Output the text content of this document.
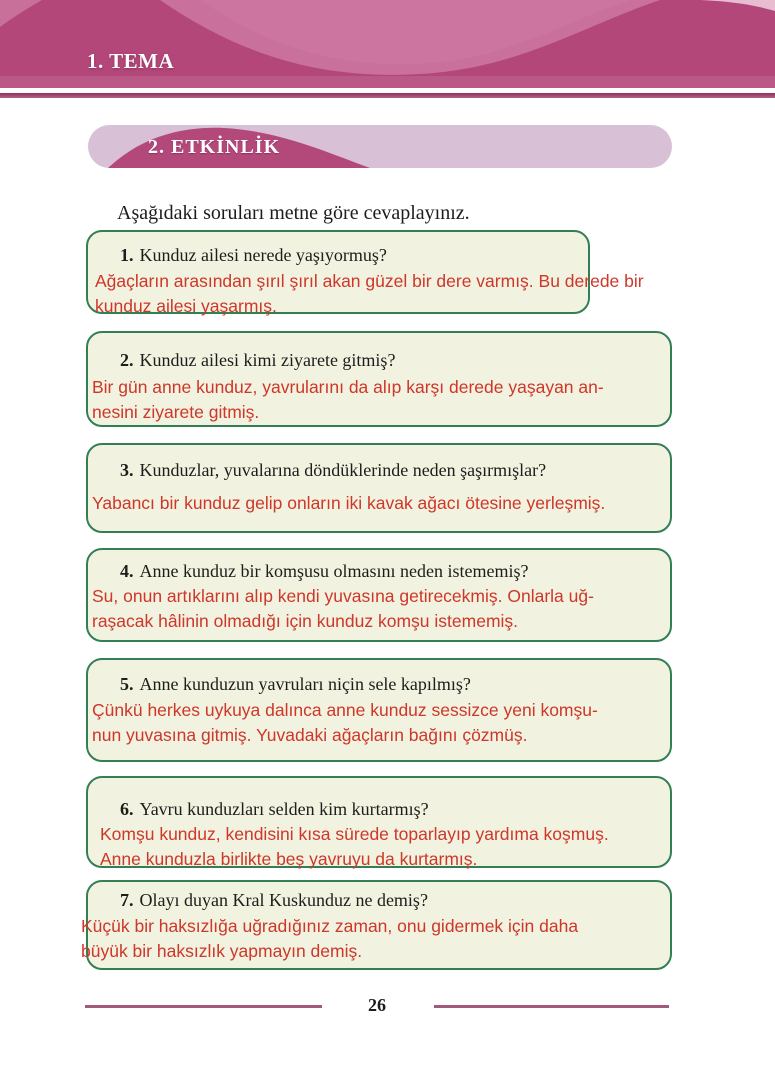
1. TEMA
2. ETKİNLİK

Aşağıdaki soruları metne göre cevaplayınız.

1. Kunduz ailesi nerede yaşıyormuş?

Ağaçların arasından şırıl şırıl akan güzel bir dere varmış. Bu derede bir
kunduz ailesi yaşarmış.

2. Kunduz ailesi kimi ziyarete gitmiş?

Bir gün anne kunduz, yavrularını da alıp karşı derede yaşayan an-
nesini ziyarete gitmiş.

3. Kunduzlar, yuvalarına döndüklerinde neden şaşırmışlar?

Yabancı bir kunduz gelip onların iki kavak ağacı ötesine yerleşmiş.

4. Anne kunduz bir komşusu olmasını neden istememiş?

Su, onun artıklarını alıp kendi yuvasına getirecekmiş. Onlarla uğ-
raşacak hâlinin olmadığı için kunduz komşu istememiş.

5. Anne kunduzun yavruları niçin sele kapılmış?

Çünkü herkes uykuya dalınca anne kunduz sessizce yeni komşu-
nun yuvasına gitmiş. Yuvadaki ağaçların bağını çözmüş.

6. Yavru kunduzları selden kim kurtarmış?

Komşu kunduz, kendisini kısa sürede toparlayıp yardıma koşmuş.
Anne kunduzla birlikte beş yavruyu da kurtarmış.

7. Olayı duyan Kral Kuskunduz ne demiş?

Küçük bir haksızlığa uğradığınız zaman, onu gidermek için daha
büyük bir haksızlık yapmayın demiş.
26
